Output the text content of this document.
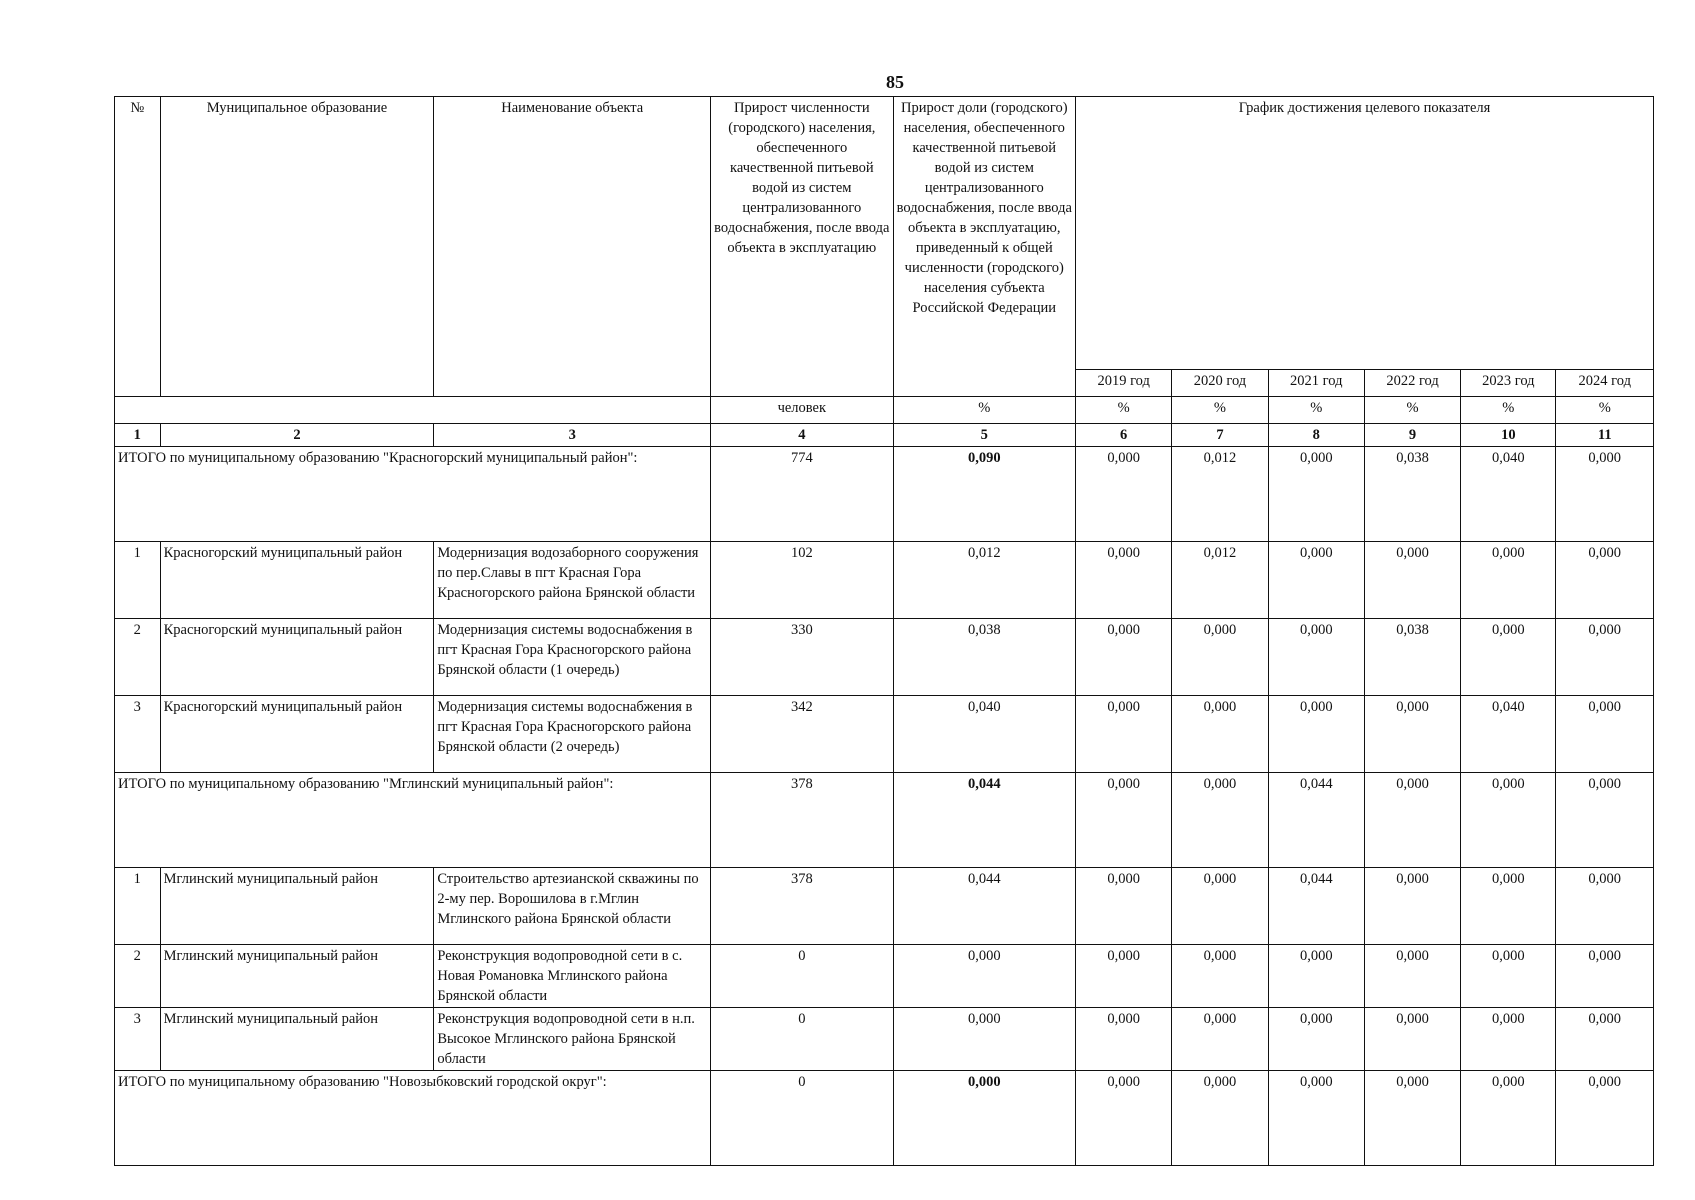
85
№	Муниципальное образование	Наименование объекта	Прирост численности (городского) населения, обеспеченного качественной питьевой водой из систем централизованного водоснабжения, после ввода объекта в эксплуатацию	Прирост доли (городского) населения, обеспеченного качественной питьевой водой из систем централизованного водоснабжения, после ввода объекта в эксплуатацию, приведенный к общей численности (городского) населения субъекта Российской Федерации	График достижения целевого показателя					
					2019 год	2020 год	2021 год	2022 год	2023 год	2024 год
			человек	%	%	%	%	%	%	%
1	2	3	4	5	6	7	8	9	10	11
ИТОГО по муниципальному образованию "Красногорский муниципальный район":			774	0,090	0,000	0,012	0,000	0,038	0,040	0,000
1	Красногорский муниципальный район	Модернизация водозаборного сооружения по пер.Славы в пгт Красная Гора Красногорского района Брянской области	102	0,012	0,000	0,012	0,000	0,000	0,000	0,000
2	Красногорский муниципальный район	Модернизация системы водоснабжения в пгт Красная Гора Красногорского района Брянской области (1 очередь)	330	0,038	0,000	0,000	0,000	0,038	0,000	0,000
3	Красногорский муниципальный район	Модернизация системы водоснабжения в пгт Красная Гора Красногорского района Брянской области (2 очередь)	342	0,040	0,000	0,000	0,000	0,000	0,040	0,000
ИТОГО по муниципальному образованию "Мглинский муниципальный район":			378	0,044	0,000	0,000	0,044	0,000	0,000	0,000
1	Мглинский муниципальный район	Строительство артезианской скважины по 2-му пер. Ворошилова в г.Мглин Мглинского района Брянской области	378	0,044	0,000	0,000	0,044	0,000	0,000	0,000
2	Мглинский муниципальный район	Реконструкция водопроводной сети в с. Новая Романовка Мглинского района Брянской области	0	0,000	0,000	0,000	0,000	0,000	0,000	0,000
3	Мглинский муниципальный район	Реконструкция водопроводной сети в н.п. Высокое Мглинского района Брянской области	0	0,000	0,000	0,000	0,000	0,000	0,000	0,000
ИТОГО по муниципальному образованию "Новозыбковский городской округ":			0	0,000	0,000	0,000	0,000	0,000	0,000	0,000
